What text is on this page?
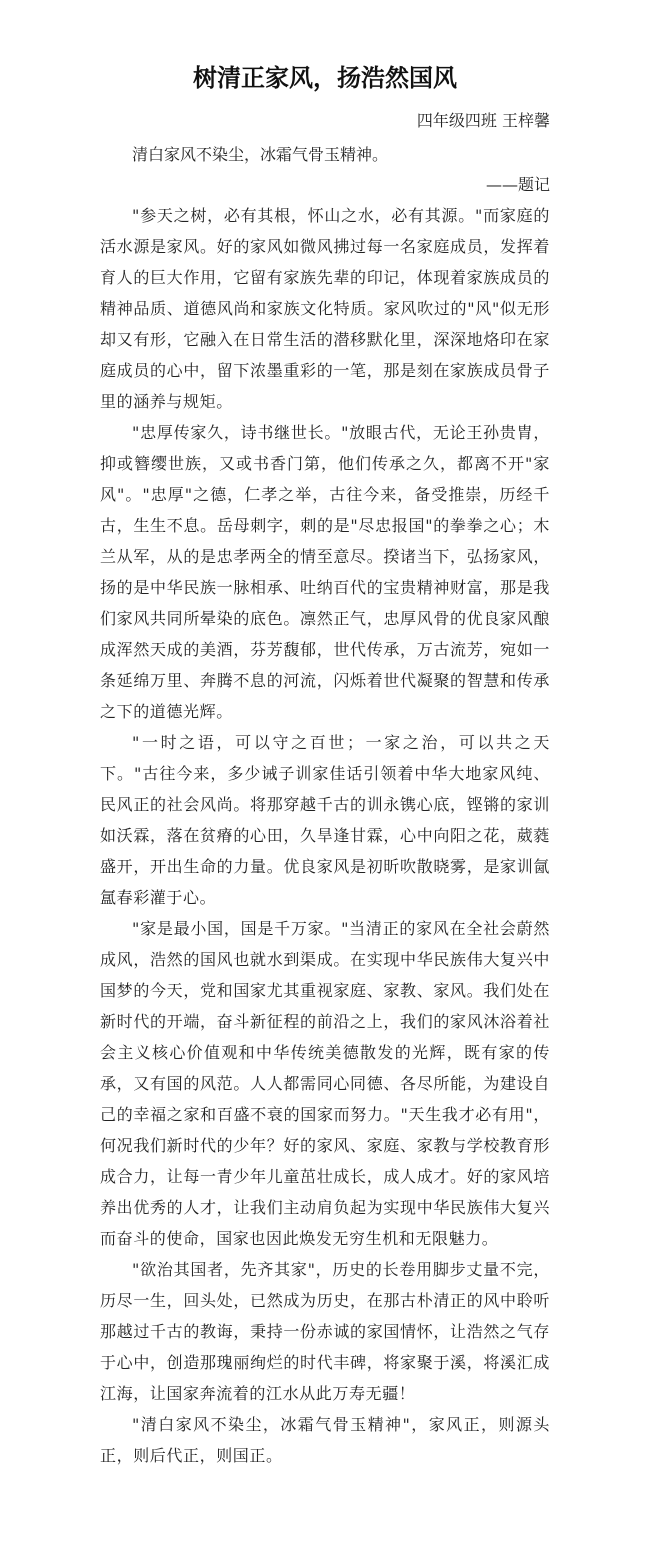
树清正家风，扬浩然国风

四年级四班 王梓馨

清白家风不染尘，冰霜气骨玉精神。

——题记

"参天之树，必有其根，怀山之水，必有其源。"而家庭的活水源是家风。好的家风如微风拂过每一名家庭成员，发挥着育人的巨大作用，它留有家族先辈的印记，体现着家族成员的精神品质、道德风尚和家族文化特质。家风吹过的"风"似无形却又有形，它融入在日常生活的潜移默化里，深深地烙印在家庭成员的心中，留下浓墨重彩的一笔，那是刻在家族成员骨子里的涵养与规矩。

"忠厚传家久，诗书继世长。"放眼古代，无论王孙贵胄，抑或簪缨世族，又或书香门第，他们传承之久，都离不开"家风"。"忠厚"之德，仁孝之举，古往今来，备受推崇，历经千古，生生不息。岳母刺字，刺的是"尽忠报国"的拳拳之心；木兰从军，从的是忠孝两全的情至意尽。揆诸当下，弘扬家风，扬的是中华民族一脉相承、吐纳百代的宝贵精神财富，那是我们家风共同所晕染的底色。凛然正气，忠厚风骨的优良家风酿成浑然天成的美酒，芬芳馥郁，世代传承，万古流芳，宛如一条延绵万里、奔腾不息的河流，闪烁着世代凝聚的智慧和传承之下的道德光辉。

"一时之语，可以守之百世；一家之治，可以共之天下。"古往今来，多少诫子训家佳话引领着中华大地家风纯、民风正的社会风尚。将那穿越千古的训永镌心底，铿锵的家训如沃霖，落在贫瘠的心田，久旱逢甘霖，心中向阳之花，葳蕤盛开，开出生命的力量。优良家风是初昕吹散晓雾，是家训氤氲春彩灌于心。

"家是最小国，国是千万家。"当清正的家风在全社会蔚然成风，浩然的国风也就水到渠成。在实现中华民族伟大复兴中国梦的今天，党和国家尤其重视家庭、家教、家风。我们处在新时代的开端，奋斗新征程的前沿之上，我们的家风沐浴着社会主义核心价值观和中华传统美德散发的光辉，既有家的传承，又有国的风范。人人都需同心同德、各尽所能，为建设自己的幸福之家和百盛不衰的国家而努力。"天生我才必有用"，何况我们新时代的少年？好的家风、家庭、家教与学校教育形成合力，让每一青少年儿童茁壮成长，成人成才。好的家风培养出优秀的人才，让我们主动肩负起为实现中华民族伟大复兴而奋斗的使命，国家也因此焕发无穷生机和无限魅力。

"欲治其国者，先齐其家"，历史的长卷用脚步丈量不完，历尽一生，回头处，已然成为历史，在那古朴清正的风中聆听那越过千古的教诲，秉持一份赤诚的家国情怀，让浩然之气存于心中，创造那瑰丽绚烂的时代丰碑，将家聚于溪，将溪汇成江海，让国家奔流着的江水从此万寿无疆！

"清白家风不染尘，冰霜气骨玉精神"，家风正，则源头正，则后代正，则国正。
